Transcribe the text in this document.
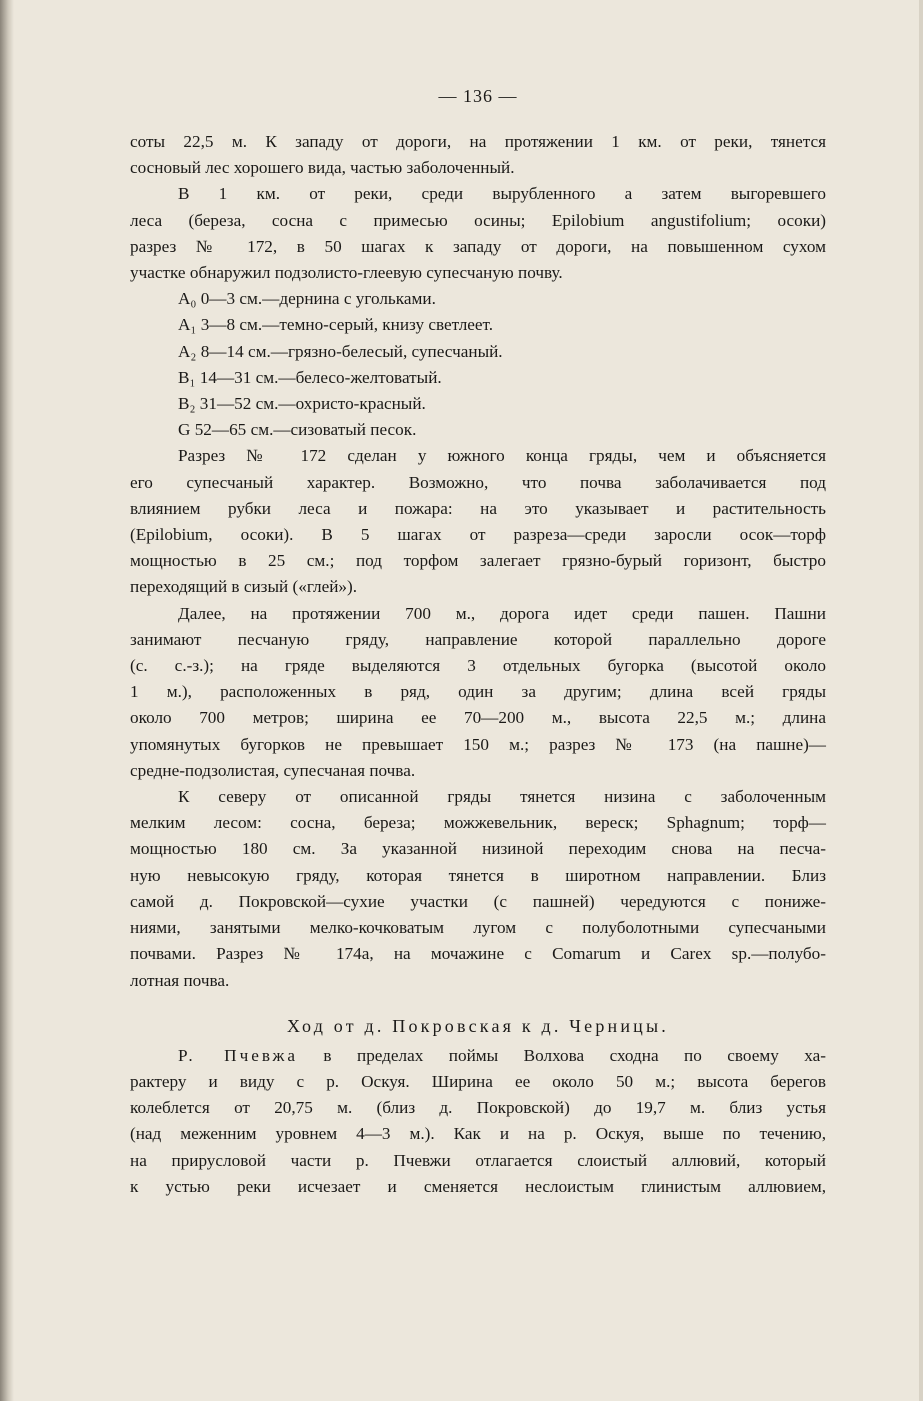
— 136 —

соты 22,5 м. К западу от дороги, на протяжении 1 км. от реки, тянется

сосновый лес хорошего вида, частью заболоченный.

В 1 км. от реки, среди вырубленного а затем выгоревшего

леса (береза, сосна с примесью осины; Epilobium angustifolium; осоки)

разрез № 172, в 50 шагах к западу от дороги, на повышенном сухом

участке обнаружил подзолисто-глеевую супесчаную почву.

A₀ 0—3 см.—дернина с угольками.

A₁ 3—8 см.—темно-серый, книзу светлеет.

A₂ 8—14 см.—грязно-белесый, супесчаный.

B₁ 14—31 см.—белесо-желтоватый.

B₂ 31—52 см.—охристо-красный.

G 52—65 см.—сизоватый песок.

Разрез № 172 сделан у южного конца гряды, чем и объясняется

его супесчаный характер. Возможно, что почва заболачивается под

влиянием рубки леса и пожара: на это указывает и растительность

(Epilobium, осоки). В 5 шагах от разреза—среди заросли осок—торф

мощностью в 25 см.; под торфом залегает грязно-бурый горизонт, быстро

переходящий в сизый («глей»).

Далее, на протяжении 700 м., дорога идет среди пашен. Пашни

занимают песчаную гряду, направление которой параллельно дороге

(с. с.-з.); на гряде выделяются 3 отдельных бугорка (высотой около

1 м.), расположенных в ряд, один за другим; длина всей гряды

около 700 метров; ширина ее 70—200 м., высота 22,5 м.; длина

упомянутых бугорков не превышает 150 м.; разрез № 173 (на пашне)—

средне-подзолистая, супесчаная почва.

К северу от описанной гряды тянется низина с заболоченным

мелким лесом: сосна, береза; можжевельник, вереск; Sphagnum; торф—

мощностью 180 см. За указанной низиной переходим снова на песча-

ную невысокую гряду, которая тянется в широтном направлении. Близ

самой д. Покровской—сухие участки (с пашней) чередуются с пониже-

ниями, занятыми мелко-кочковатым лугом с полуболотными супесчаными

почвами. Разрез № 174а, на мочажине с Comarum и Carex sp.—полубо-

лотная почва.

Ход от д. Покровская к д. Черницы.

Р. Пчевжа в пределах поймы Волхова сходна по своему ха-

рактеру и виду с р. Оскуя. Ширина ее около 50 м.; высота берегов

колеблется от 20,75 м. (близ д. Покровской) до 19,7 м. близ устья

(над меженним уровнем 4—3 м.). Как и на р. Оскуя, выше по течению,

на прирусловой части р. Пчевжи отлагается слоистый аллювий, который

к устью реки исчезает и сменяется неслоистым глинистым аллювием,
